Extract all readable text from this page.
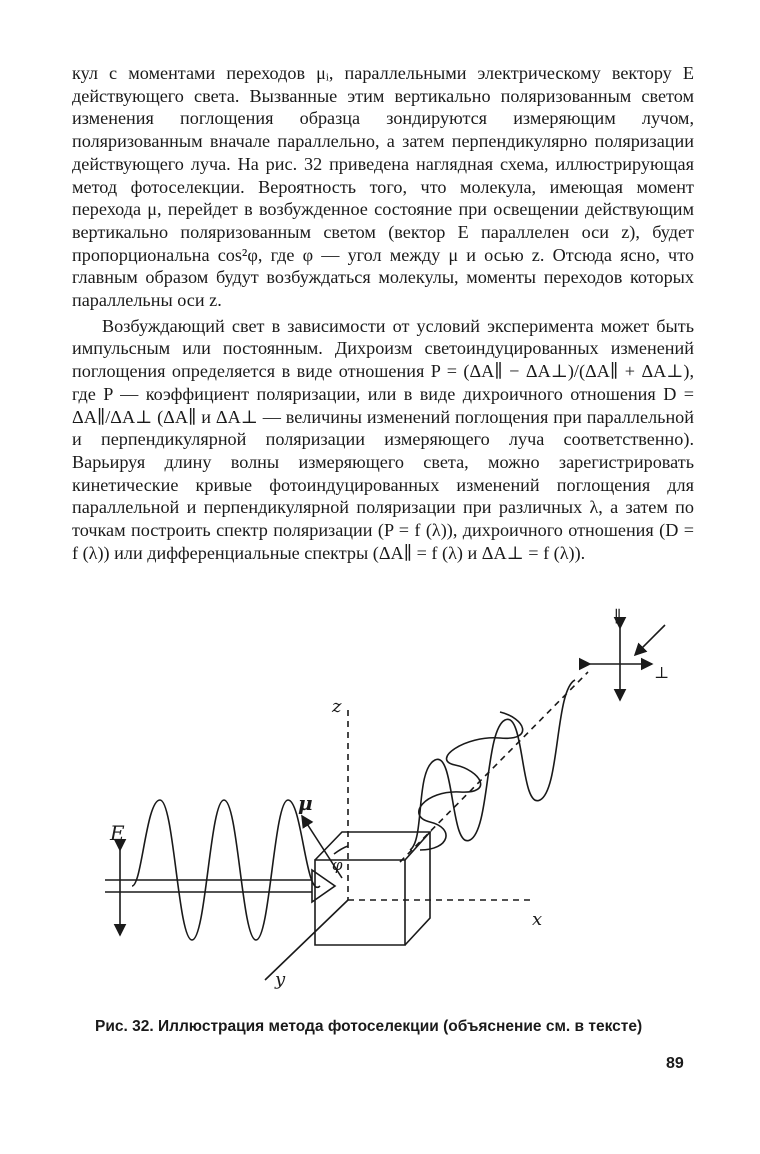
кул с моментами переходов μᵢ, параллельными электрическому вектору E действующего света. Вызванные этим вертикально поляризованным светом изменения поглощения образца зондируются измеряющим лучом, поляризованным вначале параллельно, а затем перпендикулярно поляризации действующего луча. На рис. 32 приведена наглядная схема, иллюстрирующая метод фотоселекции. Вероятность того, что молекула, имеющая момент перехода μ, перейдет в возбужденное состояние при освещении действующим вертикально поляризованным светом (вектор E параллелен оси z), будет пропорциональна cos²φ, где φ — угол между μ и осью z. Отсюда ясно, что главным образом будут возбуждаться молекулы, моменты переходов которых параллельны оси z.

Возбуждающий свет в зависимости от условий эксперимента может быть импульсным или постоянным. Дихроизм светоиндуцированных изменений поглощения определяется в виде отношения P = (ΔA∥ − ΔA⊥)/(ΔA∥ + ΔA⊥), где P — коэффициент поляризации, или в виде дихроичного отношения D = ΔA∥/ΔA⊥ (ΔA∥ и ΔA⊥ — величины изменений поглощения при параллельной и перпендикулярной поляризации измеряющего луча соответственно). Варьируя длину волны измеряющего света, можно зарегистрировать кинетические кривые фотоиндуцированных изменений поглощения для параллельной и перпендикулярной поляризации при различных λ, а затем по точкам построить спектр поляризации (P = f (λ)), дихроичного отношения (D = f (λ)) или дифференциальные спектры (ΔA∥ = f (λ) и ΔA⊥ = f (λ)).

z
x
y
E
μ
φ
∥
⊥
Рис. 32. Иллюстрация метода фотоселекции (объяснение см. в тексте)
89
